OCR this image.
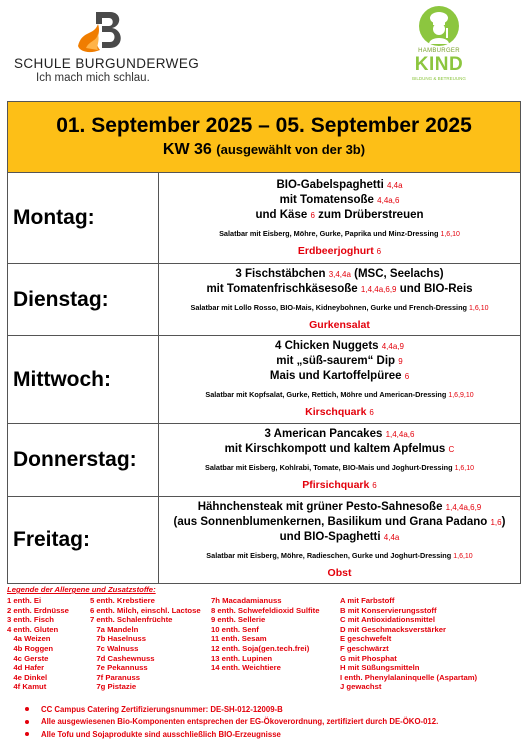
SCHULE BURGUNDERWEG
Ich mach mich schlau.
HAMBURGER
KIND
BILDUNG & BETREUUNG
01. September 2025 – 05. September 2025
KW 36 (ausgewählt von der 3b)	

Montag:	BIO-Gabelspaghetti 4,4a
mit Tomatensoße 4,4a,6
und Käse 6 zum Drüberstreuen
Salatbar mit Eisberg, Möhre, Gurke, Paprika und Minz-Dressing 1,6,10
Erdbeerjoghurt 6

Dienstag:	3 Fischstäbchen 3,4,4a (MSC, Seelachs)
mit Tomatenfrischkäsesoße 1,4,4a,6,9 und BIO-Reis
Salatbar mit Lollo Rosso, BIO-Mais, Kidneybohnen, Gurke und French-Dressing 1,6,10
Gurkensalat

Mittwoch:	4 Chicken Nuggets 4,4a,9
mit „süß-saurem“ Dip 9
Mais und Kartoffelpüree 6
Salatbar mit Kopfsalat, Gurke, Rettich, Möhre und American-Dressing 1,6,9,10
Kirschquark 6

Donnerstag:	3 American Pancakes 1,4,4a,6
mit Kirschkompott und kaltem Apfelmus C
Salatbar mit Eisberg, Kohlrabi, Tomate, BIO-Mais und Joghurt-Dressing 1,6,10
Pfirsichquark 6

Freitag:	Hähnchensteak mit grüner Pesto-Sahnesoße 1,4,4a,6,9
(aus Sonnenblumenkernen, Basilikum und Grana Padano 1,6)
und BIO-Spaghetti 4,4a
Salatbar mit Eisberg, Möhre, Radieschen, Gurke und Joghurt-Dressing 1,6,10
Obst
Legende der Allergene und Zusatzstoffe:
1 enth. Ei
2 enth. Erdnüsse
3 enth. Fisch
4 enth. Gluten
4a Weizen
4b Roggen
4c Gerste
4d Hafer
4e Dinkel
4f Kamut
5 enth. Krebstiere
6 enth. Milch, einschl. Lactose
7 enth. Schalenfrüchte
7a Mandeln
7b Haselnuss
7c Walnuss
7d Cashewnuss
7e Pekannuss
7f Paranuss
7g Pistazie
7h Macadamianuss
8 enth. Schwefeldioxid Sulfite
9 enth. Sellerie
10 enth. Senf
11 enth. Sesam
12 enth. Soja(gen.tech.frei)
13 enth. Lupinen
14 enth. Weichtiere
A mit Farbstoff
B mit Konservierungsstoff
C mit Antioxidationsmittel
D mit Geschmacksverstärker
E geschwefelt
F geschwärzt
G mit Phosphat
H mit Süßungsmitteln
I enth. Phenylalaninquelle (Aspartam)
J gewachst
CC Campus Catering Zertifizierungsnummer: DE-SH-012-12009-B
Alle ausgewiesenen Bio-Komponenten entsprechen der EG-Ökoverordnung, zertifiziert durch DE-ÖKO-012.
Alle Tofu und Sojaprodukte sind ausschließlich BIO-Erzeugnisse
